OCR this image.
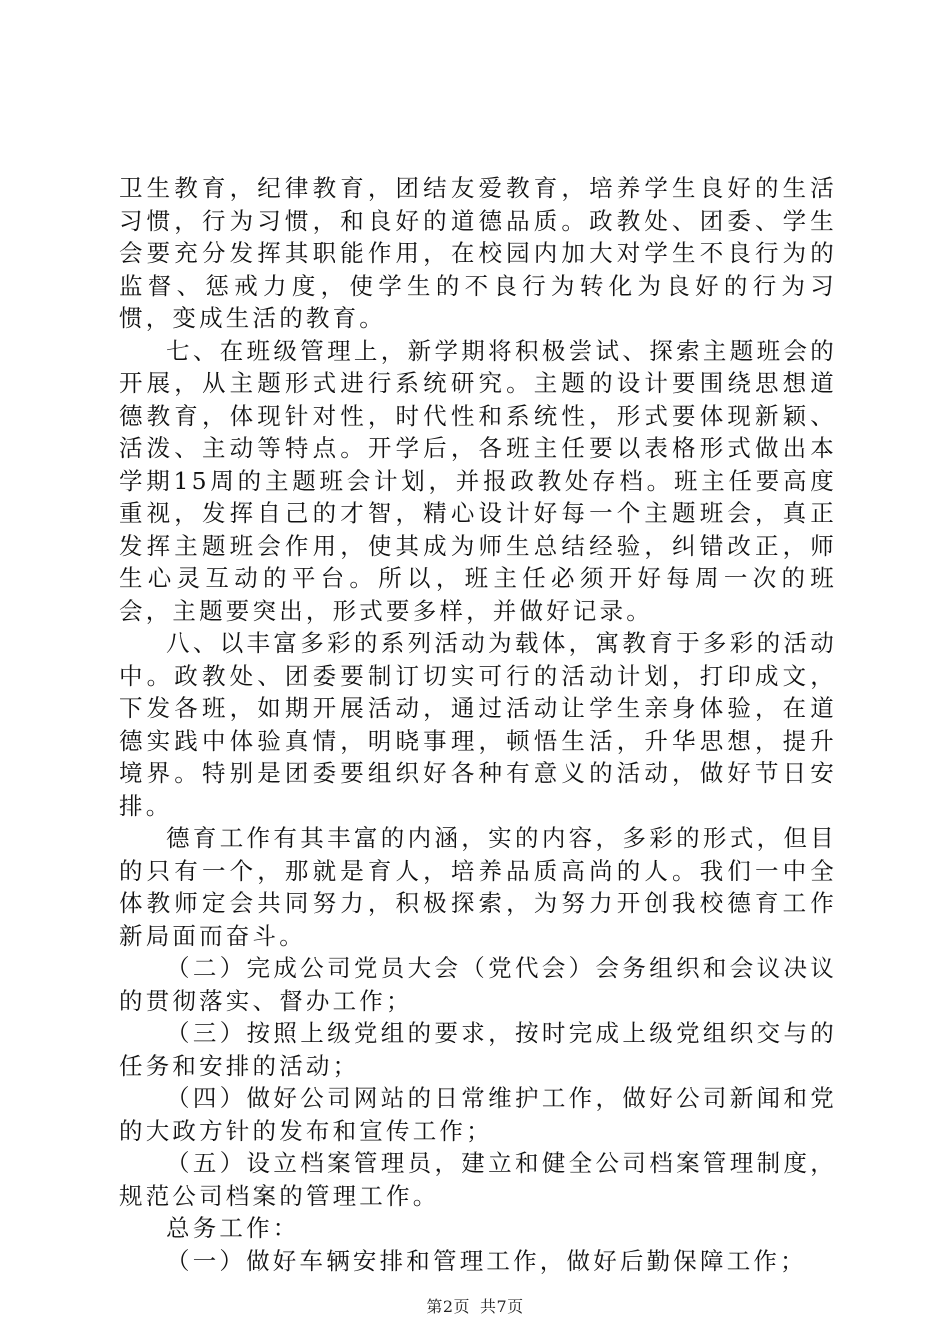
卫生教育，纪律教育，团结友爱教育，培养学生良好的生活习惯，行为习惯，和良好的道德品质。政教处、团委、学生会要充分发挥其职能作用，在校园内加大对学生不良行为的监督、惩戒力度，使学生的不良行为转化为良好的行为习惯，变成生活的教育。

七、在班级管理上，新学期将积极尝试、探索主题班会的开展，从主题形式进行系统研究。主题的设计要围绕思想道德教育，体现针对性，时代性和系统性，形式要体现新颖、活泼、主动等特点。开学后，各班主任要以表格形式做出本学期15周的主题班会计划，并报政教处存档。班主任要高度重视，发挥自己的才智，精心设计好每一个主题班会，真正发挥主题班会作用，使其成为师生总结经验，纠错改正，师生心灵互动的平台。所以，班主任必须开好每周一次的班会，主题要突出，形式要多样，并做好记录。

八、以丰富多彩的系列活动为载体，寓教育于多彩的活动中。政教处、团委要制订切实可行的活动计划，打印成文，下发各班，如期开展活动，通过活动让学生亲身体验，在道德实践中体验真情，明晓事理，顿悟生活，升华思想，提升境界。特别是团委要组织好各种有意义的活动，做好节日安排。

德育工作有其丰富的内涵，实的内容，多彩的形式，但目的只有一个，那就是育人，培养品质高尚的人。我们一中全体教师定会共同努力，积极探索，为努力开创我校德育工作新局面而奋斗。

（二）完成公司党员大会（党代会）会务组织和会议决议的贯彻落实、督办工作；

（三）按照上级党组的要求，按时完成上级党组织交与的任务和安排的活动；

（四）做好公司网站的日常维护工作，做好公司新闻和党的大政方针的发布和宣传工作；

（五）设立档案管理员，建立和健全公司档案管理制度，规范公司档案的管理工作。

总务工作：

（一）做好车辆安排和管理工作，做好后勤保障工作；

第2页 共7页
